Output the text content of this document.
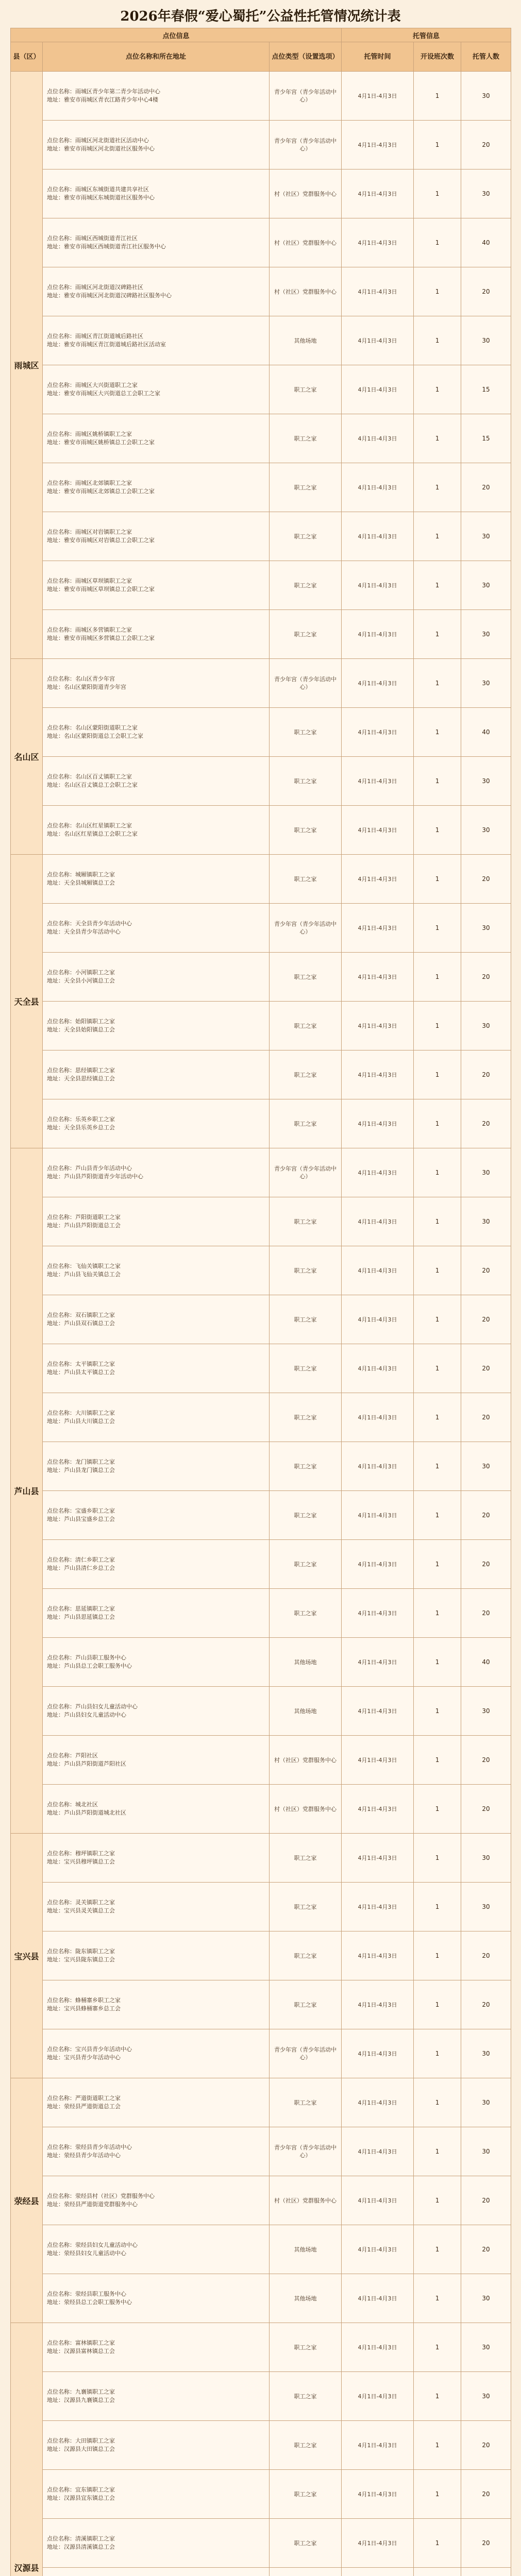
2026年春假“爱心蜀托”公益性托管情况统计表
点位信息			托管信息		
县（区）	点位名称和所在地址	点位类型（设置选项）	托管时间	开设班次数	托管人数
雨城区	点位名称：雨城区青少年第二青少年活动中心
地址：雅安市雨城区青衣江路青少年中心4楼	青少年宫（青少年活动中心）	4月1日-4月3日	1	30
	点位名称：雨城区河北街道社区活动中心
地址：雅安市雨城区河北街道社区服务中心	青少年宫（青少年活动中心）	4月1日-4月3日	1	20
	点位名称：雨城区东城街道共建共享社区
地址：雅安市雨城区东城街道社区服务中心	村（社区）党群服务中心	4月1日-4月3日	1	30
	点位名称：雨城区西城街道青江社区
地址：雅安市雨城区西城街道青江社区服务中心	村（社区）党群服务中心	4月1日-4月3日	1	40
	点位名称：雨城区河北街道汉碑路社区
地址：雅安市雨城区河北街道汉碑路社区服务中心	村（社区）党群服务中心	4月1日-4月3日	1	20
	点位名称：雨城区青江街道城后路社区
地址：雅安市雨城区青江街道城后路社区活动室	其他场地	4月1日-4月3日	1	30
	点位名称：雨城区大兴街道职工之家
地址：雅安市雨城区大兴街道总工会职工之家	职工之家	4月1日-4月3日	1	15
	点位名称：雨城区姚桥镇职工之家
地址：雅安市雨城区姚桥镇总工会职工之家	职工之家	4月1日-4月3日	1	15
	点位名称：雨城区北郊镇职工之家
地址：雅安市雨城区北郊镇总工会职工之家	职工之家	4月1日-4月3日	1	20
	点位名称：雨城区对岩镇职工之家
地址：雅安市雨城区对岩镇总工会职工之家	职工之家	4月1日-4月3日	1	30
	点位名称：雨城区草坝镇职工之家
地址：雅安市雨城区草坝镇总工会职工之家	职工之家	4月1日-4月3日	1	30
	点位名称：雨城区多营镇职工之家
地址：雅安市雨城区多营镇总工会职工之家	职工之家	4月1日-4月3日	1	30
名山区	点位名称：名山区青少年宫
地址：名山区蒙阳街道青少年宫	青少年宫（青少年活动中心）	4月1日-4月3日	1	30
	点位名称：名山区蒙阳街道职工之家
地址：名山区蒙阳街道总工会职工之家	职工之家	4月1日-4月3日	1	40
	点位名称：名山区百丈镇职工之家
地址：名山区百丈镇总工会职工之家	职工之家	4月1日-4月3日	1	30
	点位名称：名山区红星镇职工之家
地址：名山区红星镇总工会职工之家	职工之家	4月1日-4月3日	1	30
天全县	点位名称：城厢镇职工之家
地址：天全县城厢镇总工会	职工之家	4月1日-4月3日	1	20
	点位名称：天全县青少年活动中心
地址：天全县青少年活动中心	青少年宫（青少年活动中心）	4月1日-4月3日	1	30
	点位名称：小河镇职工之家
地址：天全县小河镇总工会	职工之家	4月1日-4月3日	1	20
	点位名称：始阳镇职工之家
地址：天全县始阳镇总工会	职工之家	4月1日-4月3日	1	30
	点位名称：思经镇职工之家
地址：天全县思经镇总工会	职工之家	4月1日-4月3日	1	20
	点位名称：乐英乡职工之家
地址：天全县乐英乡总工会	职工之家	4月1日-4月3日	1	20
芦山县	点位名称：芦山县青少年活动中心
地址：芦山县芦阳街道青少年活动中心	青少年宫（青少年活动中心）	4月1日-4月3日	1	30
	点位名称：芦阳街道职工之家
地址：芦山县芦阳街道总工会	职工之家	4月1日-4月3日	1	30
	点位名称：飞仙关镇职工之家
地址：芦山县飞仙关镇总工会	职工之家	4月1日-4月3日	1	20
	点位名称：双石镇职工之家
地址：芦山县双石镇总工会	职工之家	4月1日-4月3日	1	20
	点位名称：太平镇职工之家
地址：芦山县太平镇总工会	职工之家	4月1日-4月3日	1	20
	点位名称：大川镇职工之家
地址：芦山县大川镇总工会	职工之家	4月1日-4月3日	1	20
	点位名称：龙门镇职工之家
地址：芦山县龙门镇总工会	职工之家	4月1日-4月3日	1	30
	点位名称：宝盛乡职工之家
地址：芦山县宝盛乡总工会	职工之家	4月1日-4月3日	1	20
	点位名称：清仁乡职工之家
地址：芦山县清仁乡总工会	职工之家	4月1日-4月3日	1	20
	点位名称：思延镇职工之家
地址：芦山县思延镇总工会	职工之家	4月1日-4月3日	1	20
	点位名称：芦山县职工服务中心
地址：芦山县总工会职工服务中心	其他场地	4月1日-4月3日	1	40
	点位名称：芦山县妇女儿童活动中心
地址：芦山县妇女儿童活动中心	其他场地	4月1日-4月3日	1	30
	点位名称：芦阳社区
地址：芦山县芦阳街道芦阳社区	村（社区）党群服务中心	4月1日-4月3日	1	20
	点位名称：城北社区
地址：芦山县芦阳街道城北社区	村（社区）党群服务中心	4月1日-4月3日	1	20
宝兴县	点位名称：穆坪镇职工之家
地址：宝兴县穆坪镇总工会	职工之家	4月1日-4月3日	1	30
	点位名称：灵关镇职工之家
地址：宝兴县灵关镇总工会	职工之家	4月1日-4月3日	1	30
	点位名称：陇东镇职工之家
地址：宝兴县陇东镇总工会	职工之家	4月1日-4月3日	1	20
	点位名称：蜂桶寨乡职工之家
地址：宝兴县蜂桶寨乡总工会	职工之家	4月1日-4月3日	1	20
	点位名称：宝兴县青少年活动中心
地址：宝兴县青少年活动中心	青少年宫（青少年活动中心）	4月1日-4月3日	1	30
荥经县	点位名称：严道街道职工之家
地址：荥经县严道街道总工会	职工之家	4月1日-4月3日	1	30
	点位名称：荥经县青少年活动中心
地址：荥经县青少年活动中心	青少年宫（青少年活动中心）	4月1日-4月3日	1	30
	点位名称：荥经县村（社区）党群服务中心
地址：荥经县严道街道党群服务中心	村（社区）党群服务中心	4月1日-4月3日	1	20
	点位名称：荥经县妇女儿童活动中心
地址：荥经县妇女儿童活动中心	其他场地	4月1日-4月3日	1	20
	点位名称：荥经县职工服务中心
地址：荥经县总工会职工服务中心	其他场地	4月1日-4月3日	1	30
汉源县	点位名称：富林镇职工之家
地址：汉源县富林镇总工会	职工之家	4月1日-4月3日	1	30
	点位名称：九襄镇职工之家
地址：汉源县九襄镇总工会	职工之家	4月1日-4月3日	1	30
	点位名称：大田镇职工之家
地址：汉源县大田镇总工会	职工之家	4月1日-4月3日	1	20
	点位名称：宜东镇职工之家
地址：汉源县宜东镇总工会	职工之家	4月1日-4月3日	1	20
	点位名称：清溪镇职工之家
地址：汉源县清溪镇总工会	职工之家	4月1日-4月3日	1	20
